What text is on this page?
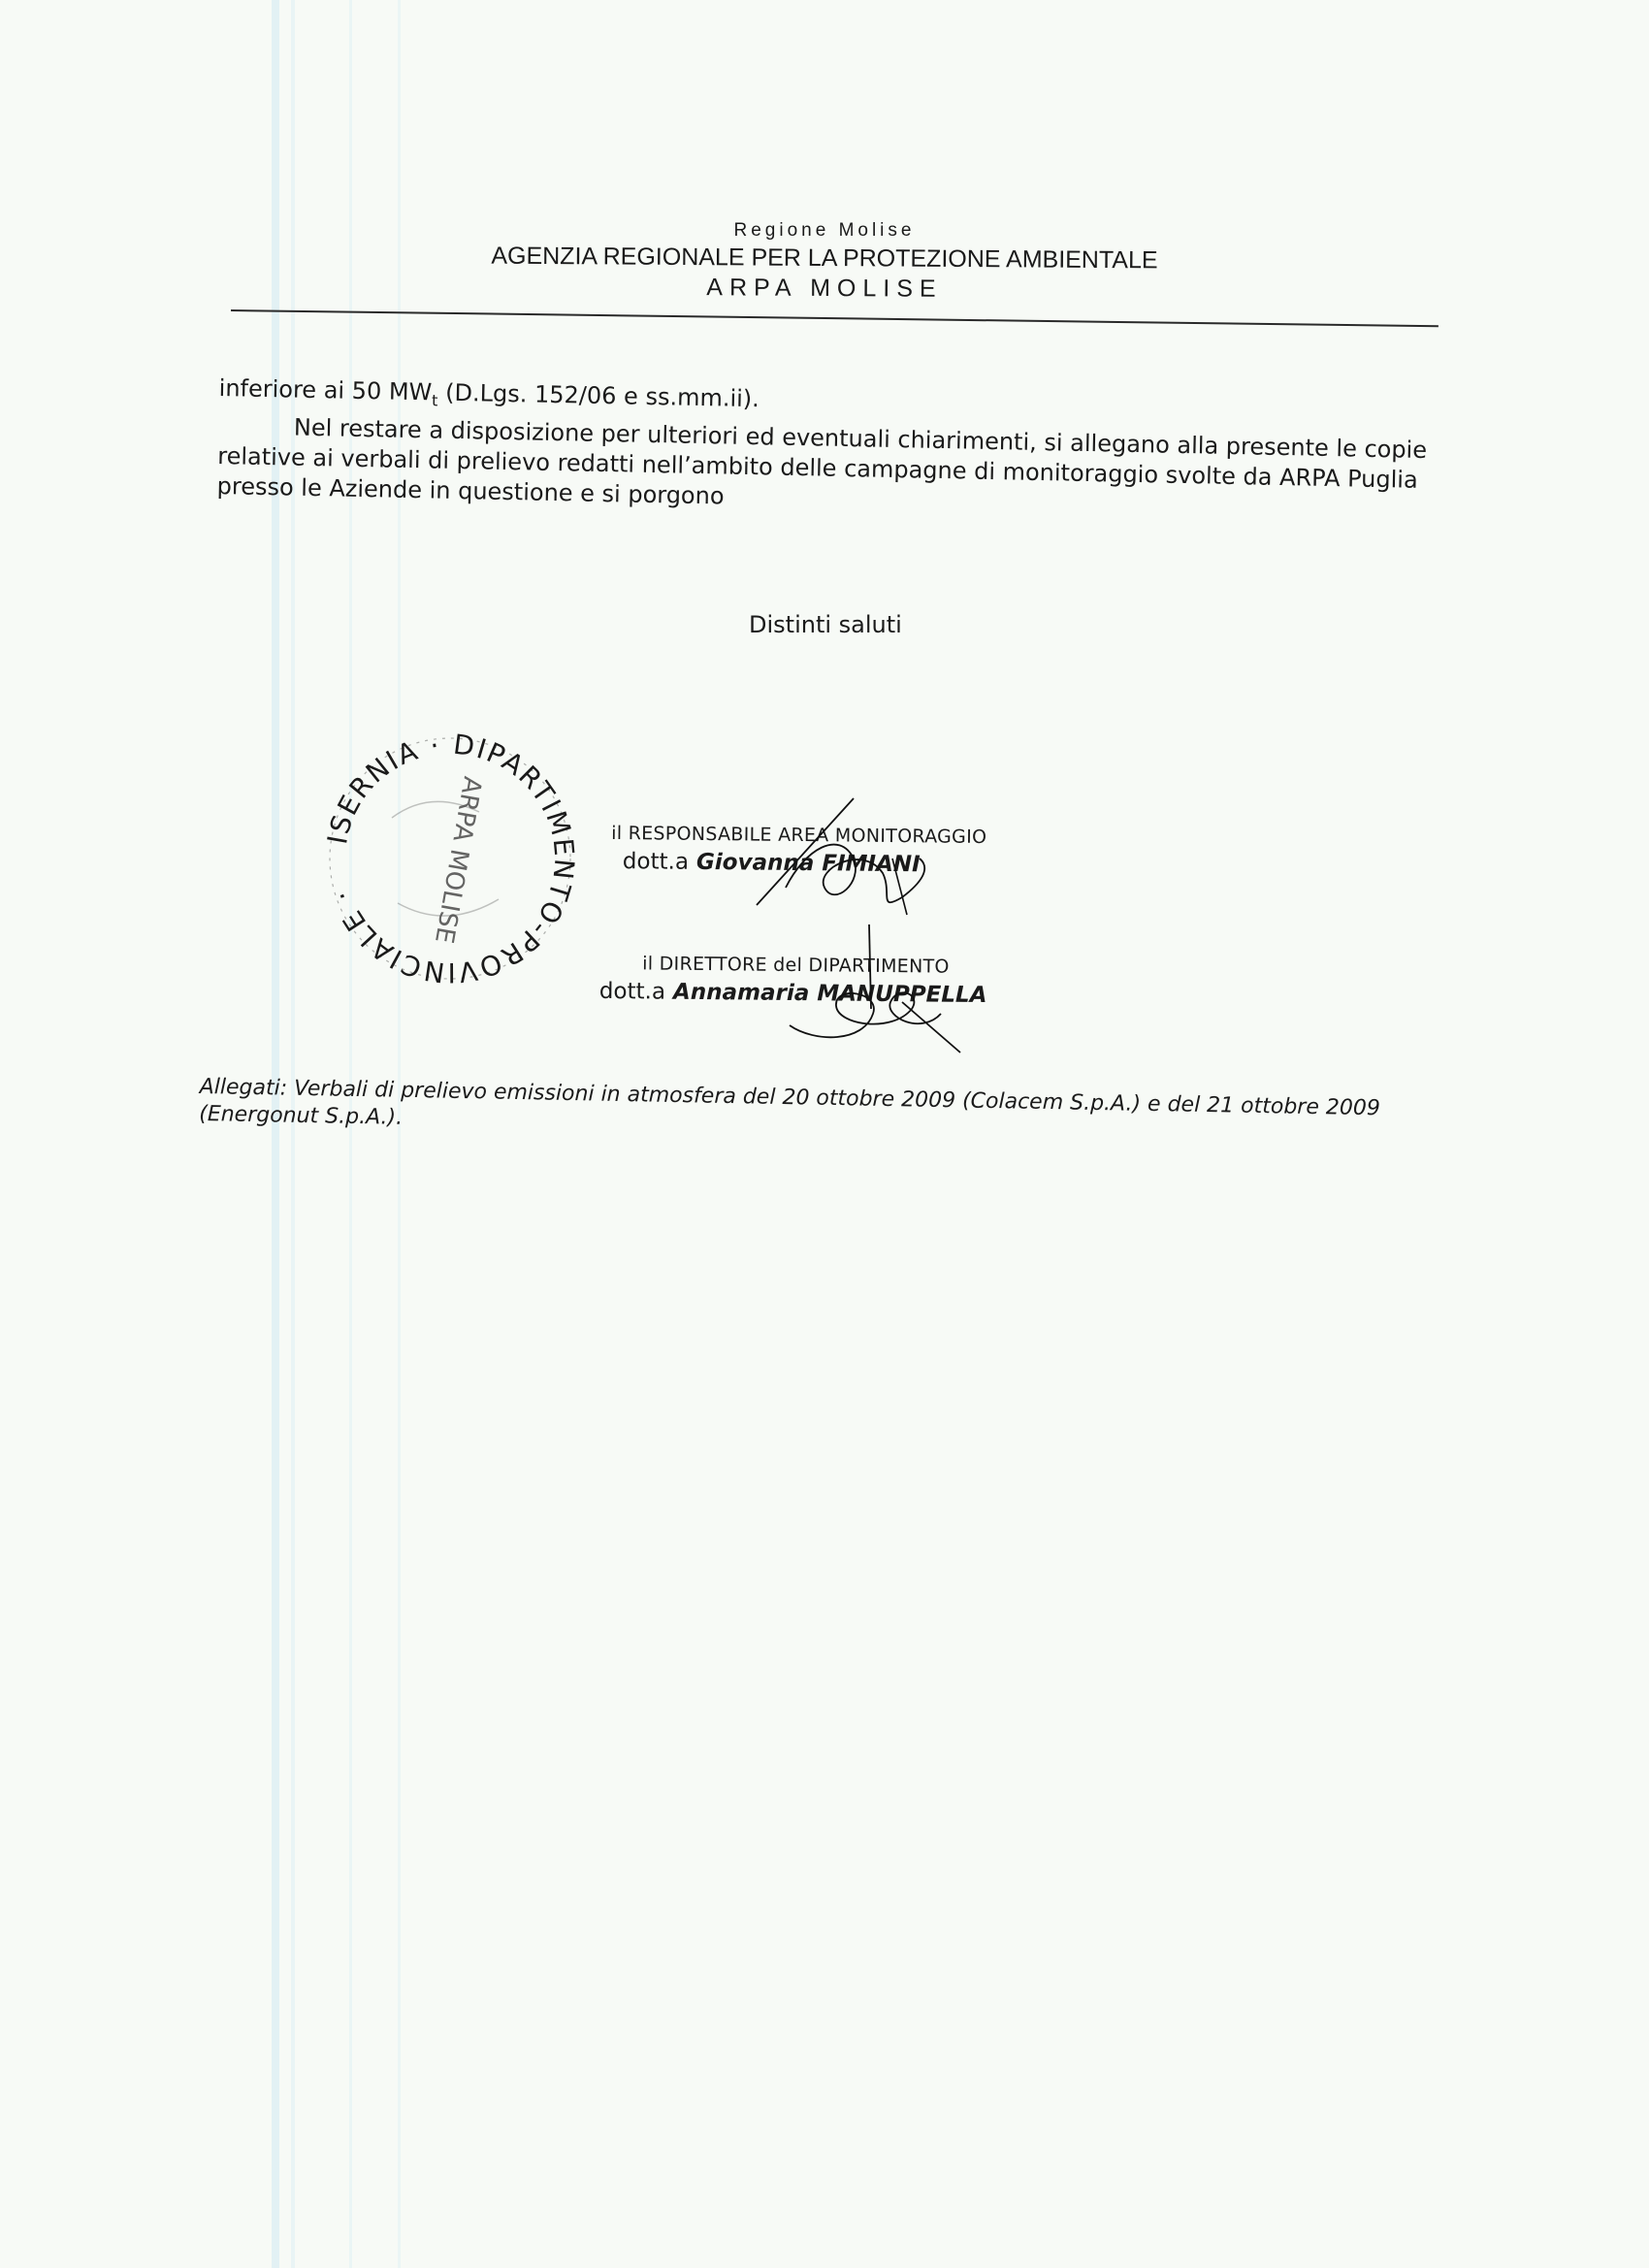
Regione Molise
AGENZIA REGIONALE PER LA PROTEZIONE AMBIENTALE
ARPA MOLISE

inferiore ai 50 $MW_t$ (D.Lgs. 152/06 e ss.mm.ii).

Nel restare a disposizione per ulteriori ed eventuali chiarimenti, si allegano alla presente le copie relative ai verbali di prelievo redatti nell’ambito delle campagne di monitoraggio svolte da ARPA Puglia presso le Aziende in questione e si porgono

Distinti saluti
ISERNIA · DIPARTIMENTO-PROVINCIALE ·	ARPA MOLISE	il RESPONSABILE AREA MONITORAGGIO
dott.a Giovanna FIMIANI
il DIRETTORE del DIPARTIMENTO
dott.a Annamaria MANUPPELLA
Allegati: Verbali di prelievo emissioni in atmosfera del 20 ottobre 2009 (Colacem S.p.A.) e del 21 ottobre 2009 (Energonut S.p.A.).
